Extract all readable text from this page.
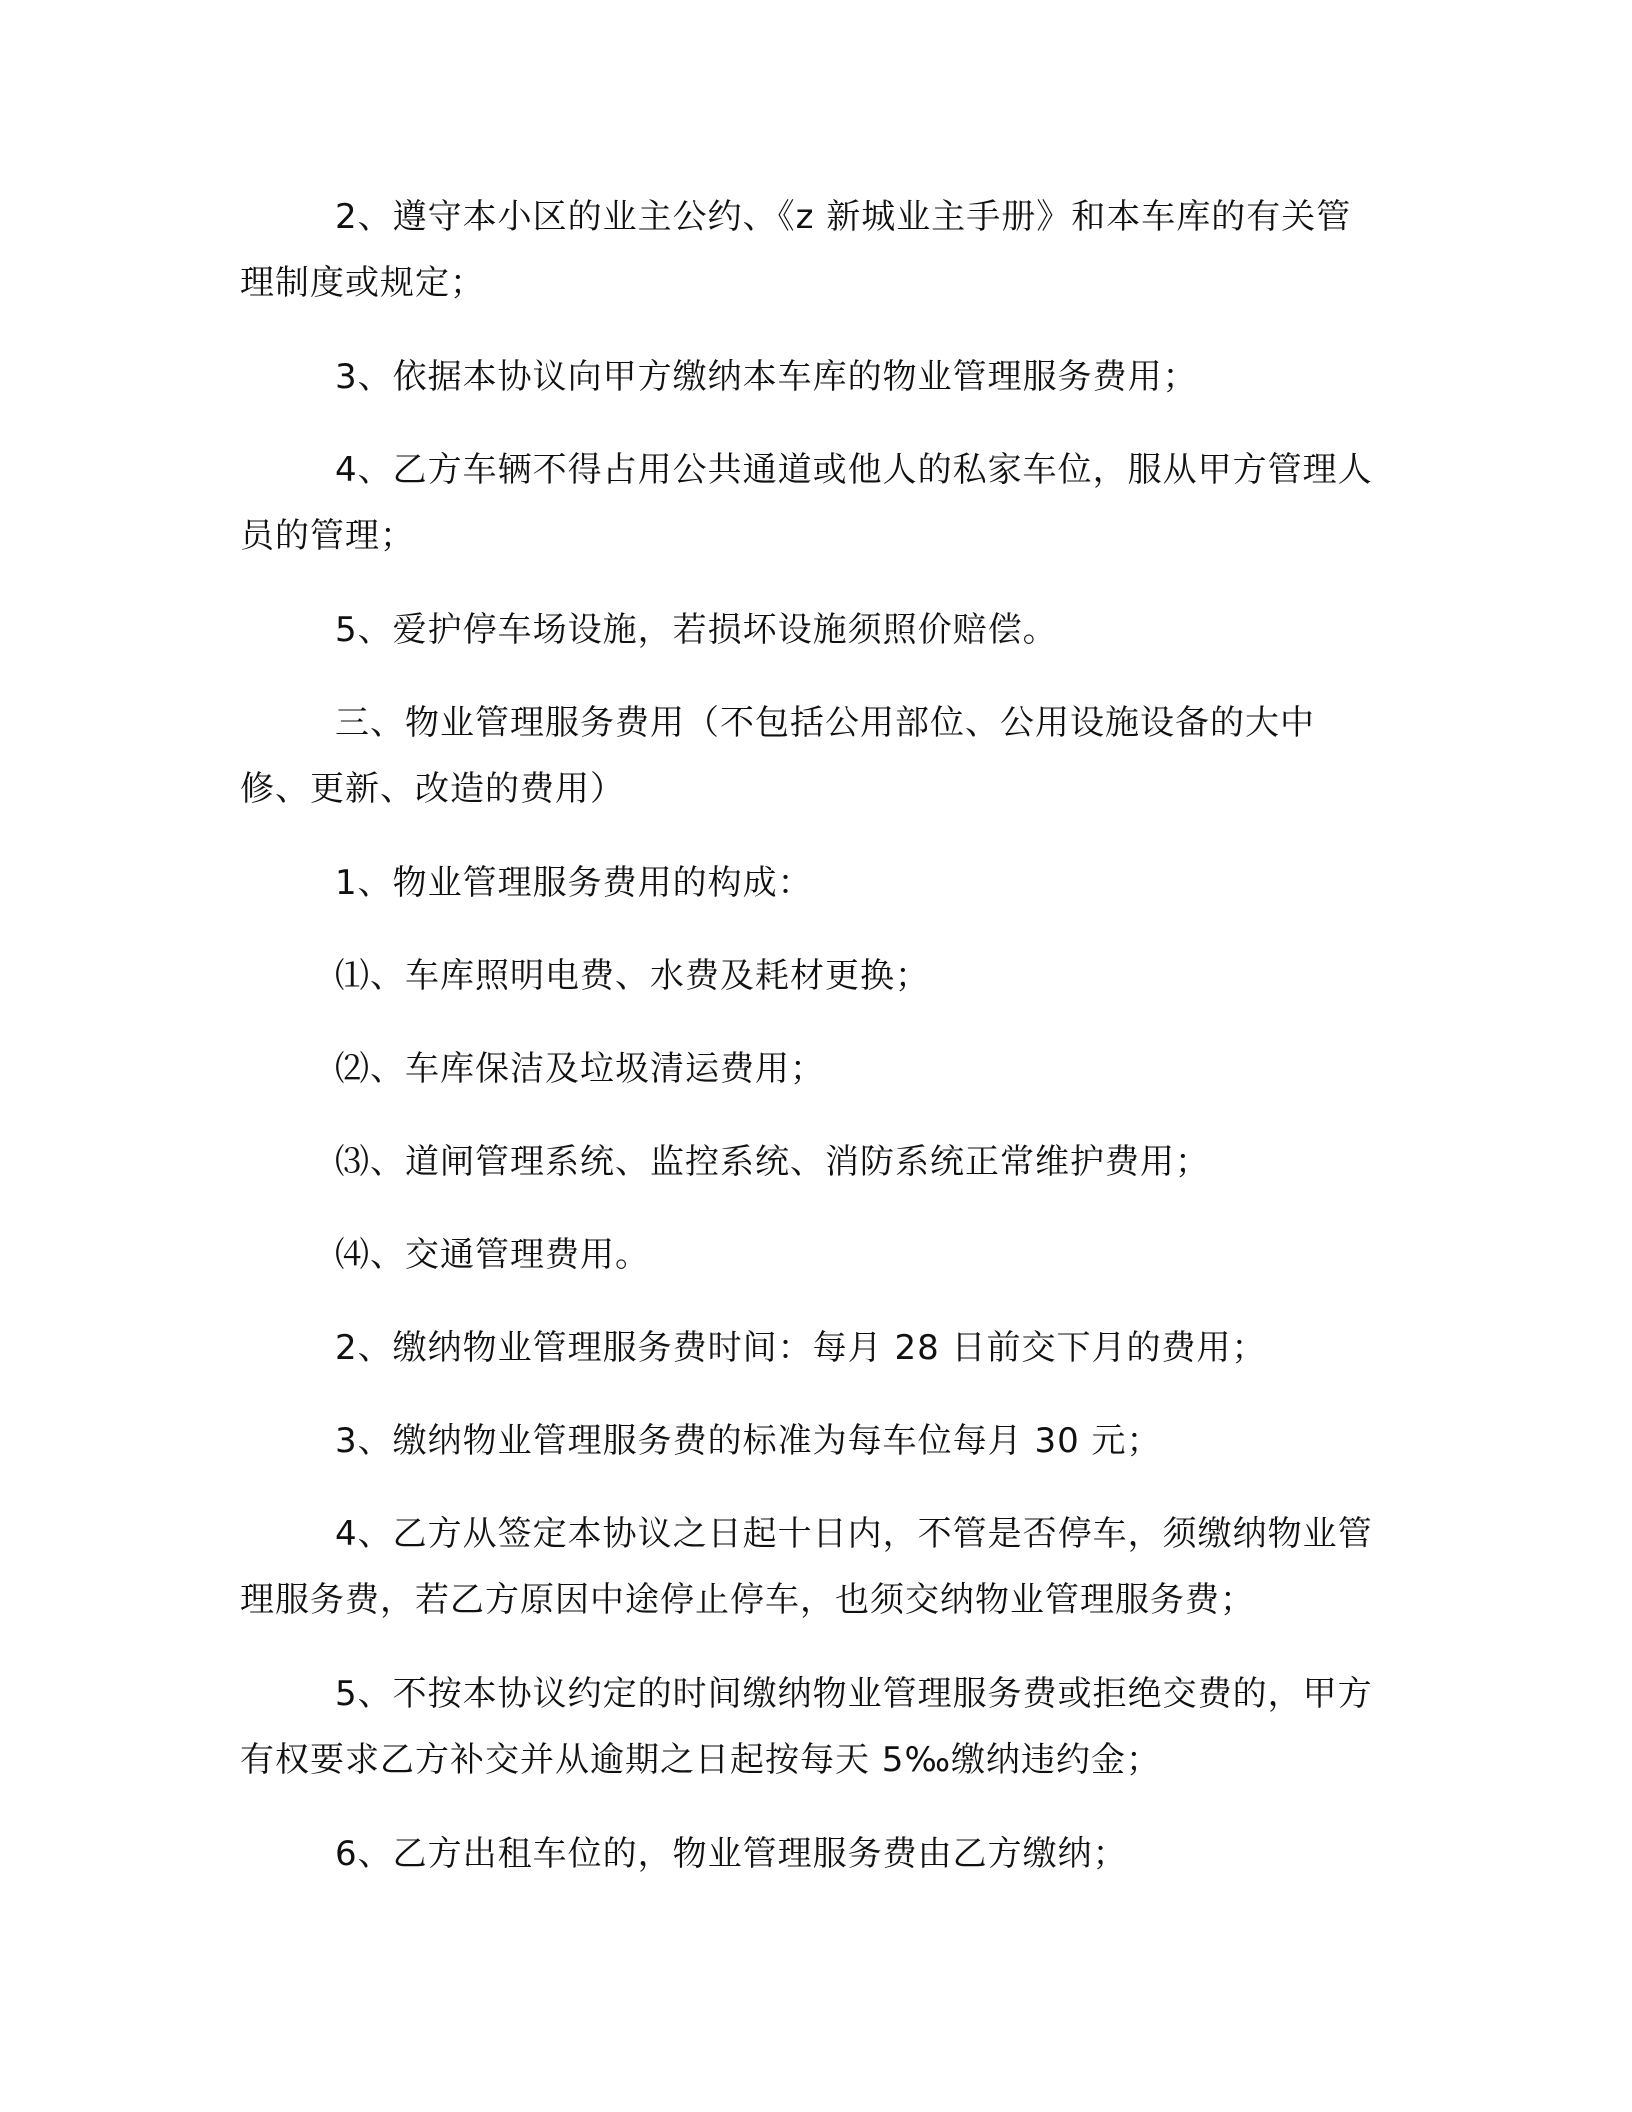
2、遵守本小区的业主公约、《z 新城业主手册》和本车库的有关管理制度或规定；

3、依据本协议向甲方缴纳本车库的物业管理服务费用；

4、乙方车辆不得占用公共通道或他人的私家车位，服从甲方管理人员的管理；

5、爱护停车场设施，若损坏设施须照价赔偿。

三、物业管理服务费用（不包括公用部位、公用设施设备的大中修、更新、改造的费用）

1、物业管理服务费用的构成：

⑴、车库照明电费、水费及耗材更换；

⑵、车库保洁及垃圾清运费用；

⑶、道闸管理系统、监控系统、消防系统正常维护费用；

⑷、交通管理费用。

2、缴纳物业管理服务费时间：每月 28 日前交下月的费用；

3、缴纳物业管理服务费的标准为每车位每月 30 元；

4、乙方从签定本协议之日起十日内，不管是否停车，须缴纳物业管理服务费，若乙方原因中途停止停车，也须交纳物业管理服务费；

5、不按本协议约定的时间缴纳物业管理服务费或拒绝交费的，甲方有权要求乙方补交并从逾期之日起按每天 5‰缴纳违约金；

6、乙方出租车位的，物业管理服务费由乙方缴纳；
